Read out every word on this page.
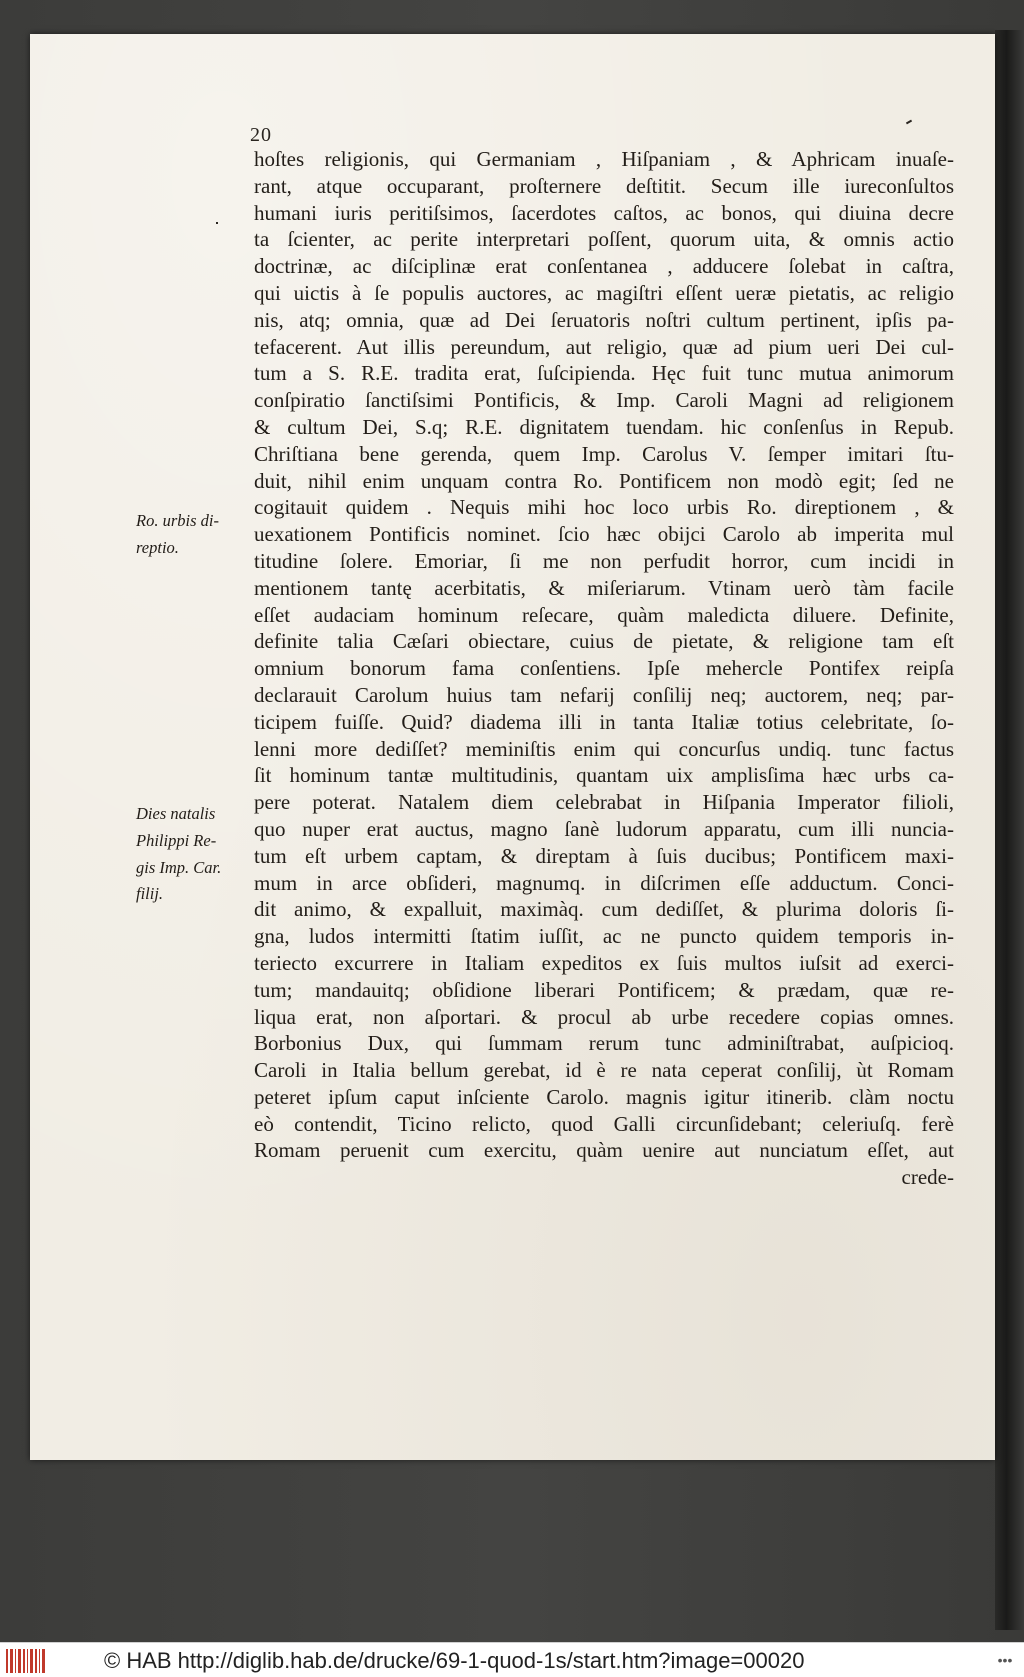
20
hoſtes religionis, qui Germaniam , Hiſpaniam , & Aphricam inuaſe-
rant, atque occuparant, proſternere deſtitit. Secum ille iureconſultos
humani iuris peritiſsimos, ſacerdotes caſtos, ac bonos, qui diuina decre
ta ſcienter, ac perite interpretari poſſent, quorum uita, & omnis actio
doctrinæ, ac diſciplinæ erat conſentanea , adducere ſolebat in caſtra,
qui uictis à ſe populis auctores, ac magiſtri eſſent ueræ pietatis, ac religio
nis, atq; omnia, quæ ad Dei ſeruatoris noſtri cultum pertinent, ipſis pa-
tefacerent. Aut illis pereundum, aut religio, quæ ad pium ueri Dei cul-
tum a S. R.E. tradita erat, ſuſcipienda. Hęc fuit tunc mutua animorum
conſpiratio ſanctiſsimi Pontificis, & Imp. Caroli Magni ad religionem
& cultum Dei, S.q; R.E. dignitatem tuendam. hic conſenſus in Repub.
Chriſtiana bene gerenda, quem Imp. Carolus V. ſemper imitari ſtu-
duit, nihil enim unquam contra Ro. Pontificem non modò egit; ſed ne
cogitauit quidem . Nequis mihi hoc loco urbis Ro. direptionem , &
uexationem Pontificis nominet. ſcio hæc obijci Carolo ab imperita mul
titudine ſolere. Emoriar, ſi me non perfudit horror, cum incidi in
mentionem tantę acerbitatis, & miſeriarum. Vtinam uerò tàm facile
eſſet audaciam hominum reſecare, quàm maledicta diluere. Definite,
definite talia Cæſari obiectare, cuius de pietate, & religione tam eſt
omnium bonorum fama conſentiens. Ipſe mehercle Pontifex reipſa
declarauit Carolum huius tam nefarij conſilij neq; auctorem, neq; par-
ticipem fuiſſe. Quid? diadema illi in tanta Italiæ totius celebritate, ſo-
lenni more dediſſet? meminiſtis enim qui concurſus undiq. tunc factus
ſit hominum tantæ multitudinis, quantam uix amplisſima hæc urbs ca-
pere poterat. Natalem diem celebrabat in Hiſpania Imperator filioli,
quo nuper erat auctus, magno ſanè ludorum apparatu, cum illi nuncia-
tum eſt urbem captam, & direptam à ſuis ducibus; Pontificem maxi-
mum in arce obſideri, magnumq. in diſcrimen eſſe adductum. Conci-
dit animo, & expalluit, maximàq. cum dediſſet, & plurima doloris ſi-
gna, ludos intermitti ſtatim iuſſit, ac ne puncto quidem temporis in-
teriecto excurrere in Italiam expeditos ex ſuis multos iuſsit ad exerci-
tum; mandauitq; obſidione liberari Pontificem; & prædam, quæ re-
liqua erat, non aſportari. & procul ab urbe recedere copias omnes.
Borbonius Dux, qui ſummam rerum tunc adminiſtrabat, auſpicioq.
Caroli in Italia bellum gerebat, id è re nata ceperat conſilij, ùt Romam
peteret ipſum caput inſciente Carolo. magnis igitur itinerib. clàm noctu
eò contendit, Ticino relicto, quod Galli circunſidebant; celeriuſq. ferè
Romam peruenit cum exercitu, quàm uenire aut nunciatum eſſet, aut
crede-
Ro. urbis di-
reptio.
Dies natalis
Philippi Re-
gis Imp. Car.
filij.
© HAB http://diglib.hab.de/drucke/69-1-quod-1s/start.htm?image=00020	•••
